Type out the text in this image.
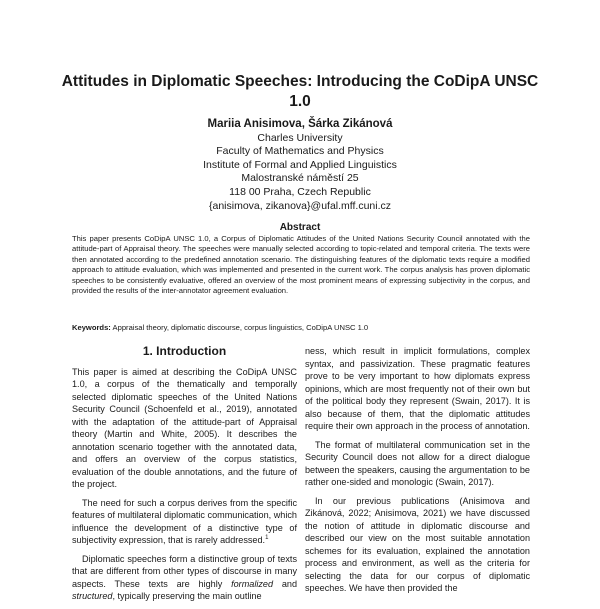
Attitudes in Diplomatic Speeches: Introducing the CoDipA UNSC 1.0
Mariia Anisimova, Šárka Zikánová
Charles University
Faculty of Mathematics and Physics
Institute of Formal and Applied Linguistics
Malostranské náměstí 25
118 00 Praha, Czech Republic
{anisimova, zikanova}@ufal.mff.cuni.cz
Abstract
This paper presents CoDipA UNSC 1.0, a Corpus of Diplomatic Attitudes of the United Nations Security Council annotated with the attitude-part of Appraisal theory. The speeches were manually selected according to topic-related and temporal criteria. The texts were then annotated according to the predefined annotation scenario. The distinguishing features of the diplomatic texts require a modified approach to attitude evaluation, which was implemented and presented in the current work. The corpus analysis has proven diplomatic speeches to be consistently evaluative, offered an overview of the most prominent means of expressing subjectivity in the corpus, and provided the results of the inter-annotator agreement evaluation.
Keywords: Appraisal theory, diplomatic discourse, corpus linguistics, CoDipA UNSC 1.0
1. Introduction

This paper is aimed at describing the CoDipA UNSC 1.0, a corpus of the thematically and temporally selected diplomatic speeches of the United Nations Security Council (Schoenfeld et al., 2019), annotated with the adaptation of the attitude-part of Appraisal theory (Martin and White, 2005). It describes the annotation scenario together with the annotated data, and offers an overview of the corpus statistics, evaluation of the double annotations, and the future of the project.

The need for such a corpus derives from the specific features of multilateral diplomatic communication, which influence the development of a distinctive type of subjectivity expression, that is rarely addressed.$^1$

Diplomatic speeches form a distinctive group of texts that are different from other types of discourse in many aspects. These texts are highly formalized and structured, typically preserving the main outline

ness, which result in implicit formulations, complex syntax, and passivization. These pragmatic features prove to be very important to how diplomats express opinions, which are most frequently not of their own but of the political body they represent (Swain, 2017). It is also because of them, that the diplomatic attitudes require their own approach in the process of annotation.

The format of multilateral communication set in the Security Council does not allow for a direct dialogue between the speakers, causing the argumentation to be rather one-sided and monologic (Swain, 2017).

In our previous publications (Anisimova and Zikánová, 2022; Anisimova, 2021) we have discussed the notion of attitude in diplomatic discourse and described our view on the most suitable annotation schemes for its evaluation, explained the annotation process and environment, as well as the criteria for selecting the data for our corpus of diplomatic speeches. We have then provided the
